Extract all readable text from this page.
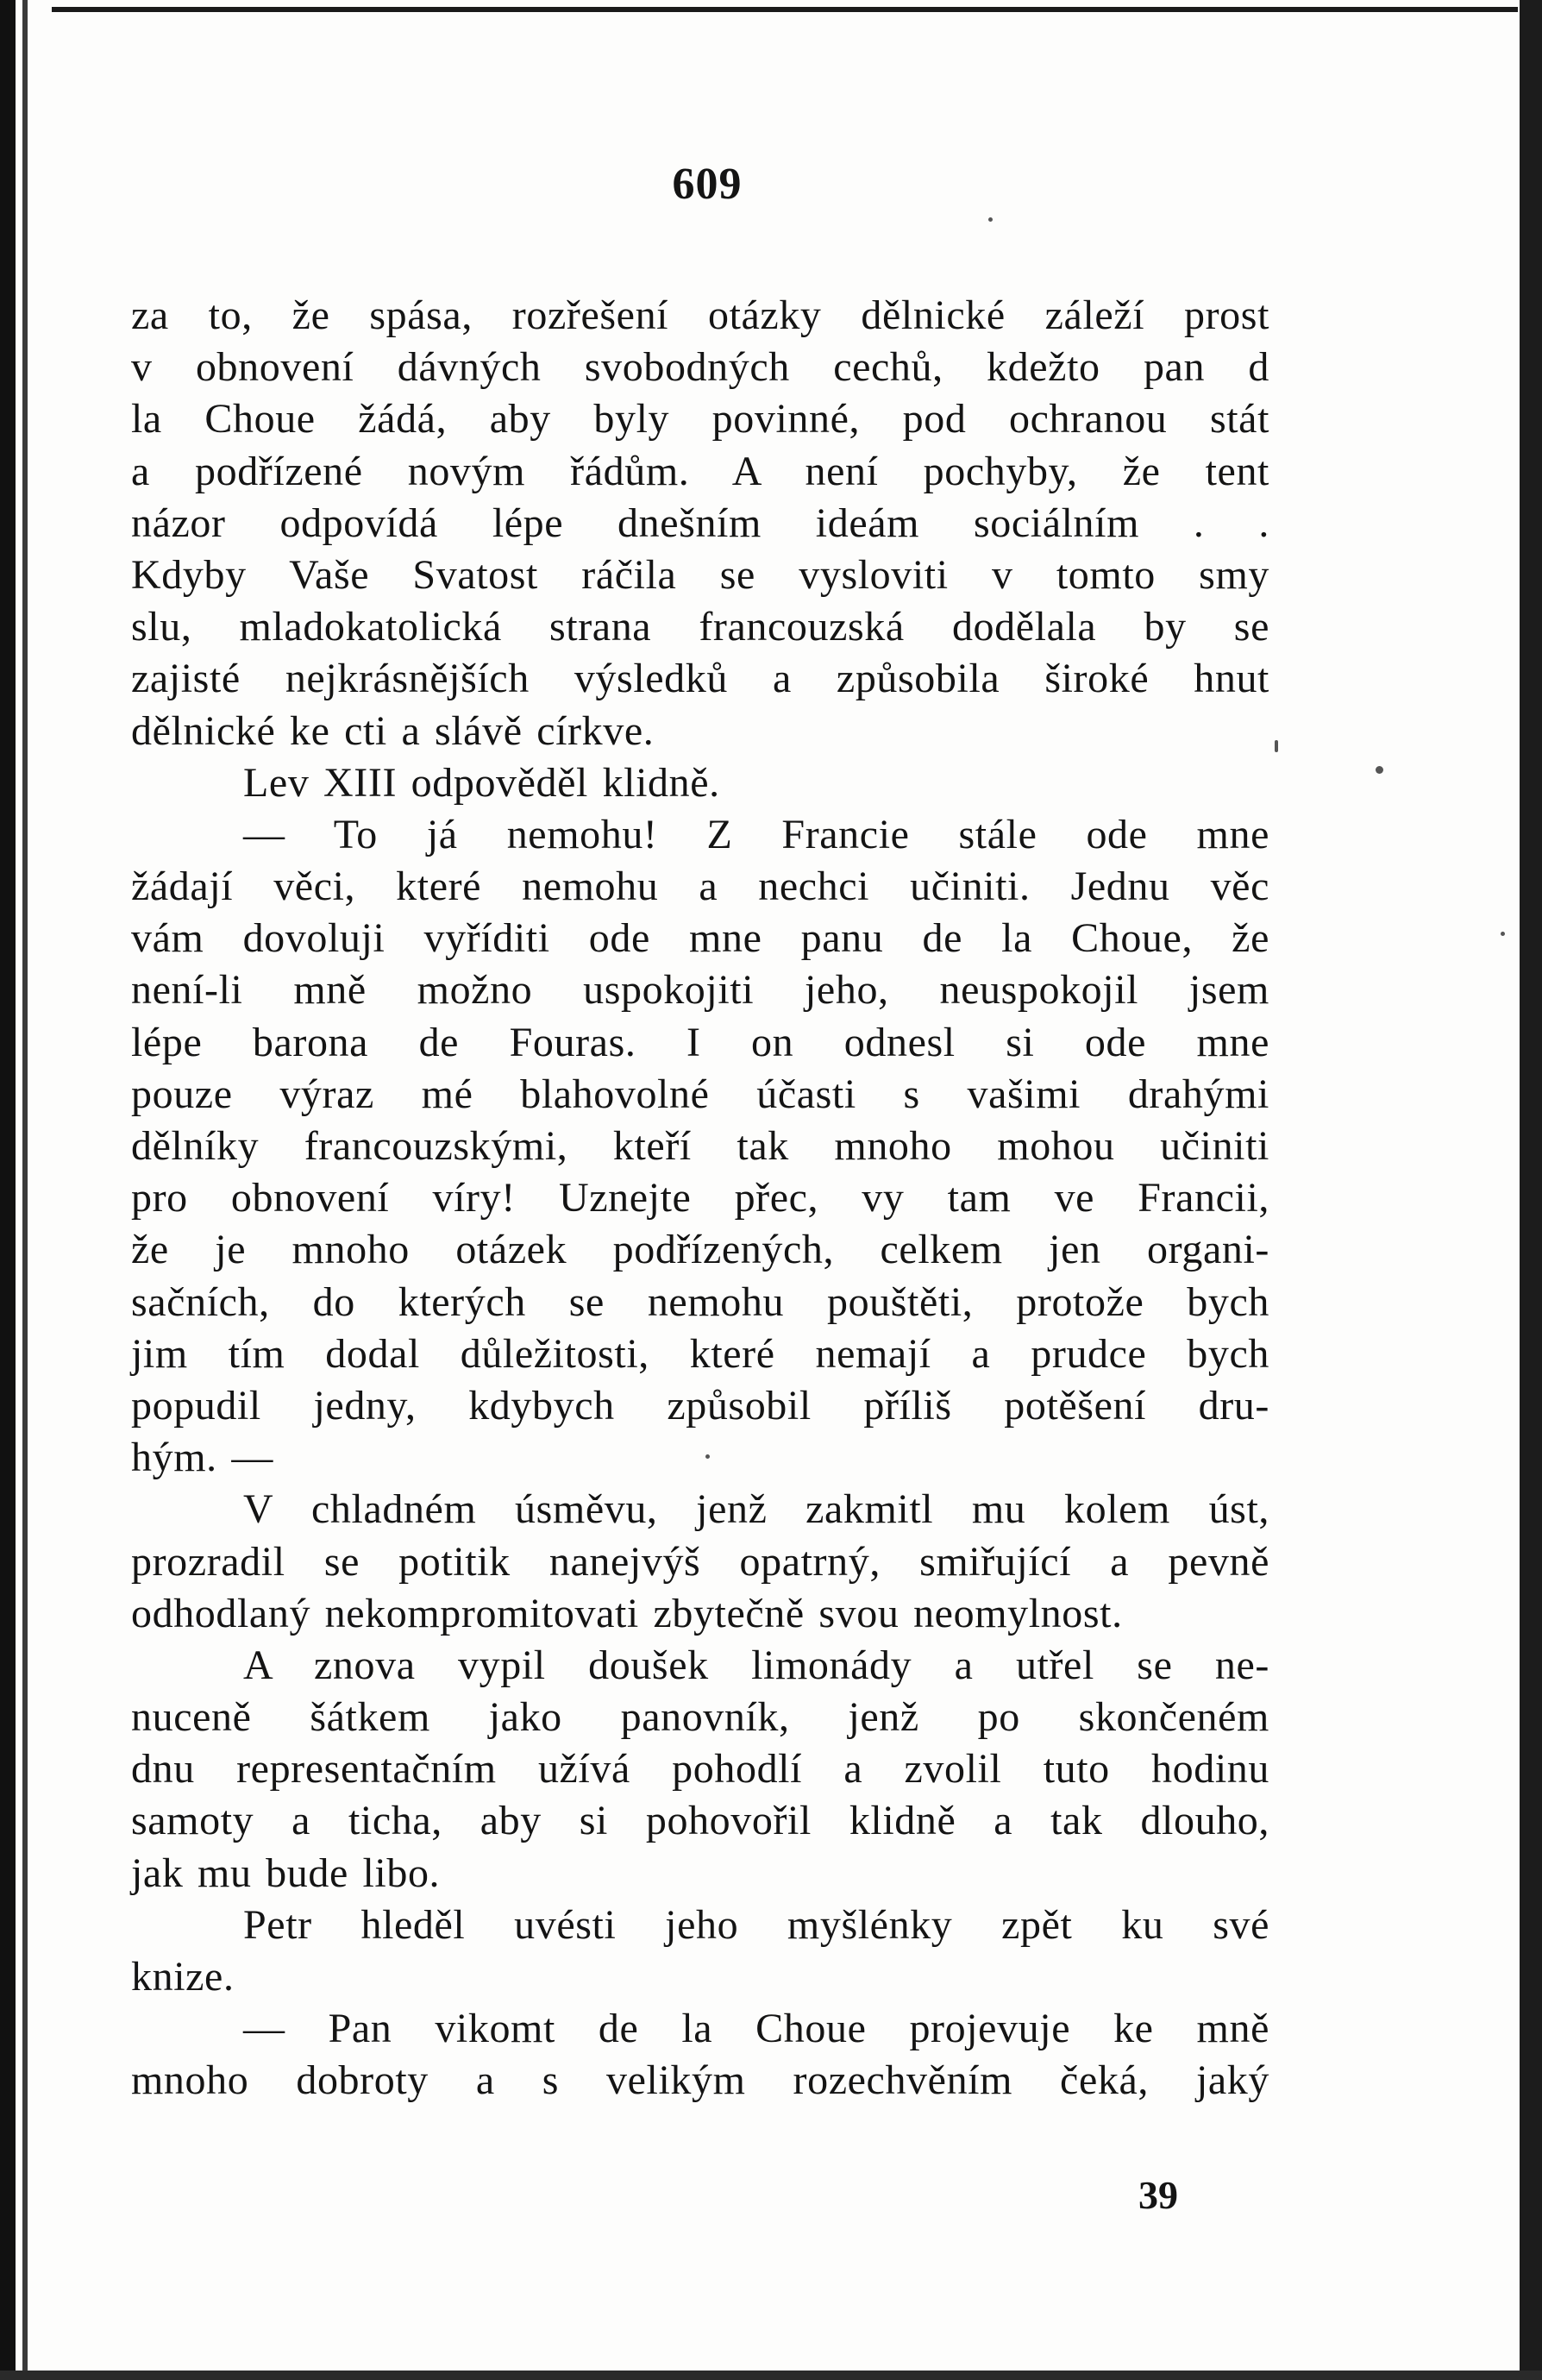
609
za to, že spása, rozřešení otázky dělnické záleží prost
v obnovení dávných svobodných cechů, kdežto pan d
la Choue žádá, aby byly povinné, pod ochranou stát
a podřízené novým řádům. A není pochyby, že tent
názor odpovídá lépe dnešním ideám sociálním . .
Kdyby Vaše Svatost ráčila se vysloviti v tomto smy
slu, mladokatolická strana francouzská dodělala by se
zajisté nejkrásnějších výsledků a způsobila široké hnut
dělnické ke cti a slávě církve.
Lev XIII odpověděl klidně.
— To já nemohu! Z Francie stále ode mne
žádají věci, které nemohu a nechci učiniti. Jednu věc
vám dovoluji vyříditi ode mne panu de la Choue, že
není-li mně možno uspokojiti jeho, neuspokojil jsem
lépe barona de Fouras. I on odnesl si ode mne
pouze výraz mé blahovolné účasti s vašimi drahými
dělníky francouzskými, kteří tak mnoho mohou učiniti
pro obnovení víry! Uznejte přec, vy tam ve Francii,
že je mnoho otázek podřízených, celkem jen organi-
sačních, do kterých se nemohu pouštěti, protože bych
jim tím dodal důležitosti, které nemají a prudce bych
popudil jedny, kdybych způsobil příliš potěšení dru-
hým. —
V chladném úsměvu, jenž zakmitl mu kolem úst,
prozradil se potitik nanejvýš opatrný, smiřující a pevně
odhodlaný nekompromitovati zbytečně svou neomylnost.
A znova vypil doušek limonády a utřel se ne-
nuceně šátkem jako panovník, jenž po skončeném
dnu representačním užívá pohodlí a zvolil tuto hodinu
samoty a ticha, aby si pohovořil klidně a tak dlouho,
jak mu bude libo.
Petr hleděl uvésti jeho myšlénky zpět ku své
knize.
— Pan vikomt de la Choue projevuje ke mně
mnoho dobroty a s velikým rozechvěním čeká, jaký
39
